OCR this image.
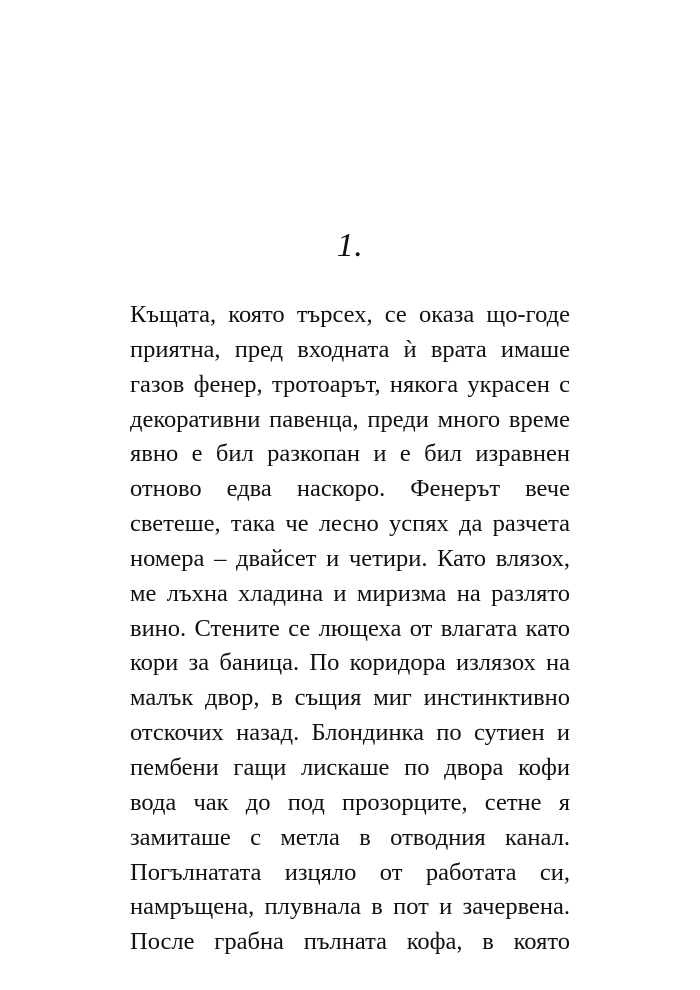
1.
Къщата, която търсех, се оказа що-годе
приятна, пред входната ѝ врата имаше
газов фенер, тротоарът, някога украсен с
декоративни павенца, преди много време
явно е бил разкопан и е бил изравнен
отново едва наскоро. Фенерът вече
светеше, така че лесно успях да разчета
номера – двайсет и четири. Като влязох,
ме лъхна хладина и миризма на разлято
вино. Стените се лющеха от влагата като
кори за баница. По коридора излязох на
малък двор, в същия миг инстинктивно
отскочих назад. Блондинка по сутиен и
пембени гащи лискаше по двора кофи
вода чак до под прозорците, сетне я
замиташе с метла в отводния канал.
Погълнатата изцяло от работата си,
намръщена, плувнала в пот и зачервена.
После грабна пълната кофа, в която
